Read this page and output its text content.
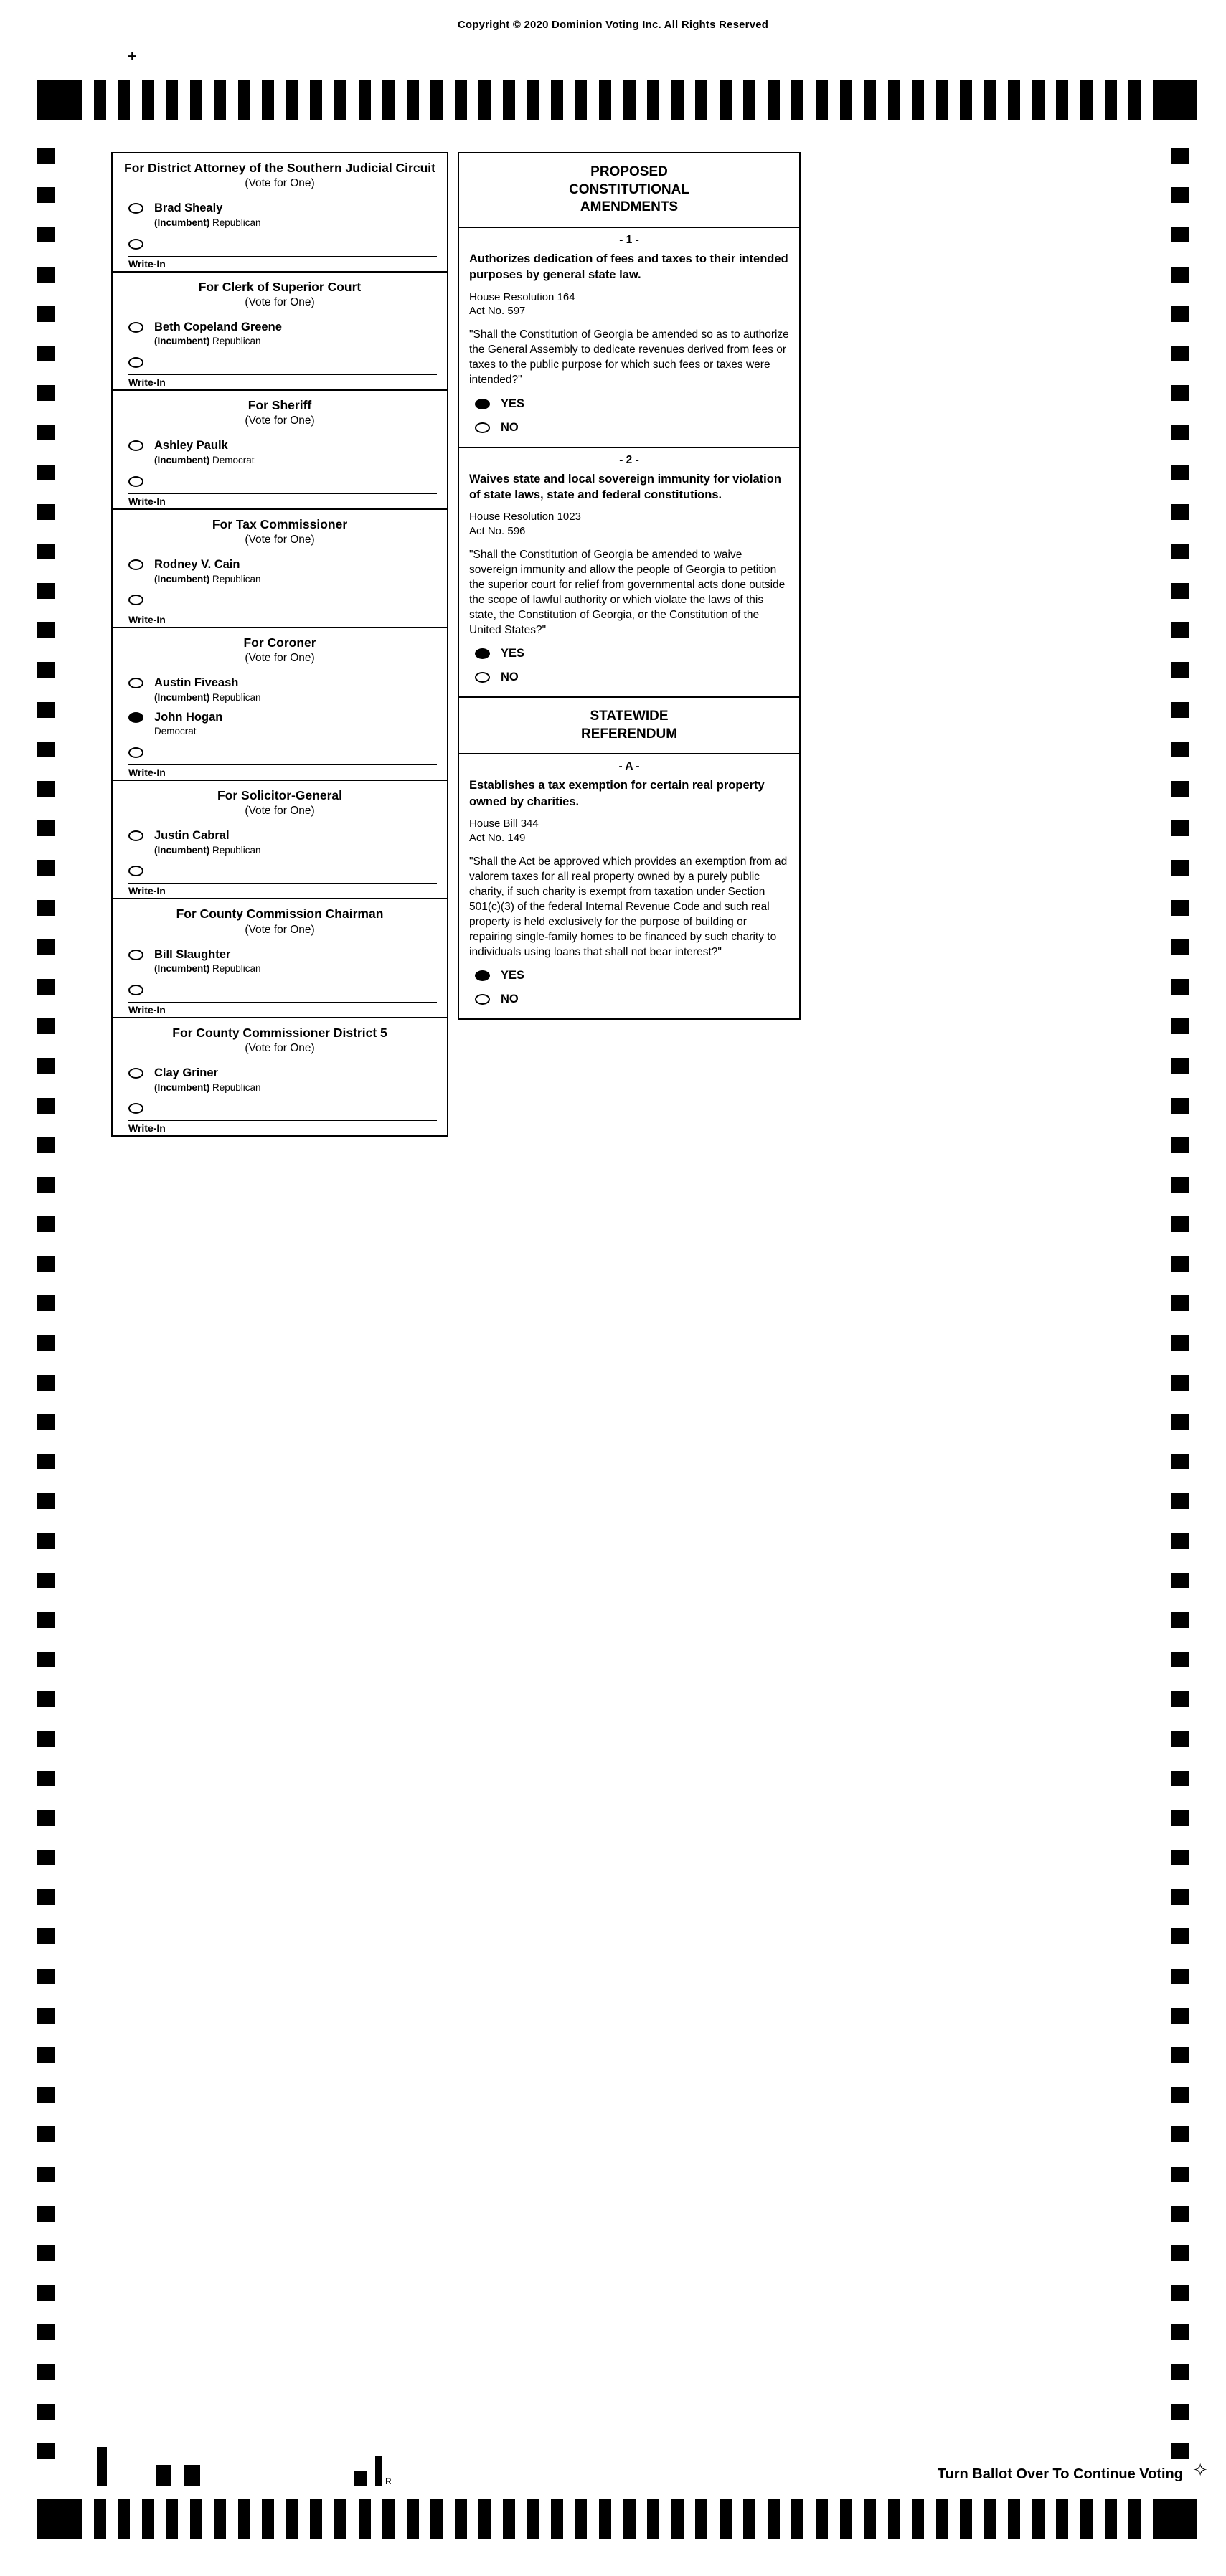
Copyright © 2020 Dominion Voting Inc. All Rights Reserved
+
✧
R	Turn Ballot Over To Continue Voting
For District Attorney of the Southern Judicial Circuit
(Vote for One)
Brad Shealy
(Incumbent) Republican
Write-In
For Clerk of Superior Court
(Vote for One)
Beth Copeland Greene
(Incumbent) Republican
Write-In
For Sheriff
(Vote for One)
Ashley Paulk
(Incumbent) Democrat
Write-In
For Tax Commissioner
(Vote for One)
Rodney V. Cain
(Incumbent) Republican
Write-In
For Coroner
(Vote for One)
Austin Fiveash
(Incumbent) Republican
John Hogan
Democrat
Write-In
For Solicitor-General
(Vote for One)
Justin Cabral
(Incumbent) Republican
Write-In
For County Commission Chairman
(Vote for One)
Bill Slaughter
(Incumbent) Republican
Write-In
For County Commissioner District 5
(Vote for One)
Clay Griner
(Incumbent) Republican
Write-In
PROPOSED
CONSTITUTIONAL
AMENDMENTS
- 1 -
Authorizes dedication of fees and taxes to their intended purposes by general state law.
House Resolution 164
Act No. 597
"Shall the Constitution of Georgia be amended so as to authorize the General Assembly to dedicate revenues derived from fees or taxes to the public purpose for which such fees or taxes were intended?"
YES
NO
- 2 -
Waives state and local sovereign immunity for violation of state laws, state and federal constitutions.
House Resolution 1023
Act No. 596
"Shall the Constitution of Georgia be amended to waive sovereign immunity and allow the people of Georgia to petition the superior court for relief from governmental acts done outside the scope of lawful authority or which violate the laws of this state, the Constitution of Georgia, or the Constitution of the United States?"
YES
NO
STATEWIDE
REFERENDUM
- A -
Establishes a tax exemption for certain real property owned by charities.
House Bill 344
Act No. 149
"Shall the Act be approved which provides an exemption from ad valorem taxes for all real property owned by a purely public charity, if such charity is exempt from taxation under Section 501(c)(3) of the federal Internal Revenue Code and such real property is held exclusively for the purpose of building or repairing single-family homes to be financed by such charity to individuals using loans that shall not bear interest?"
YES
NO
